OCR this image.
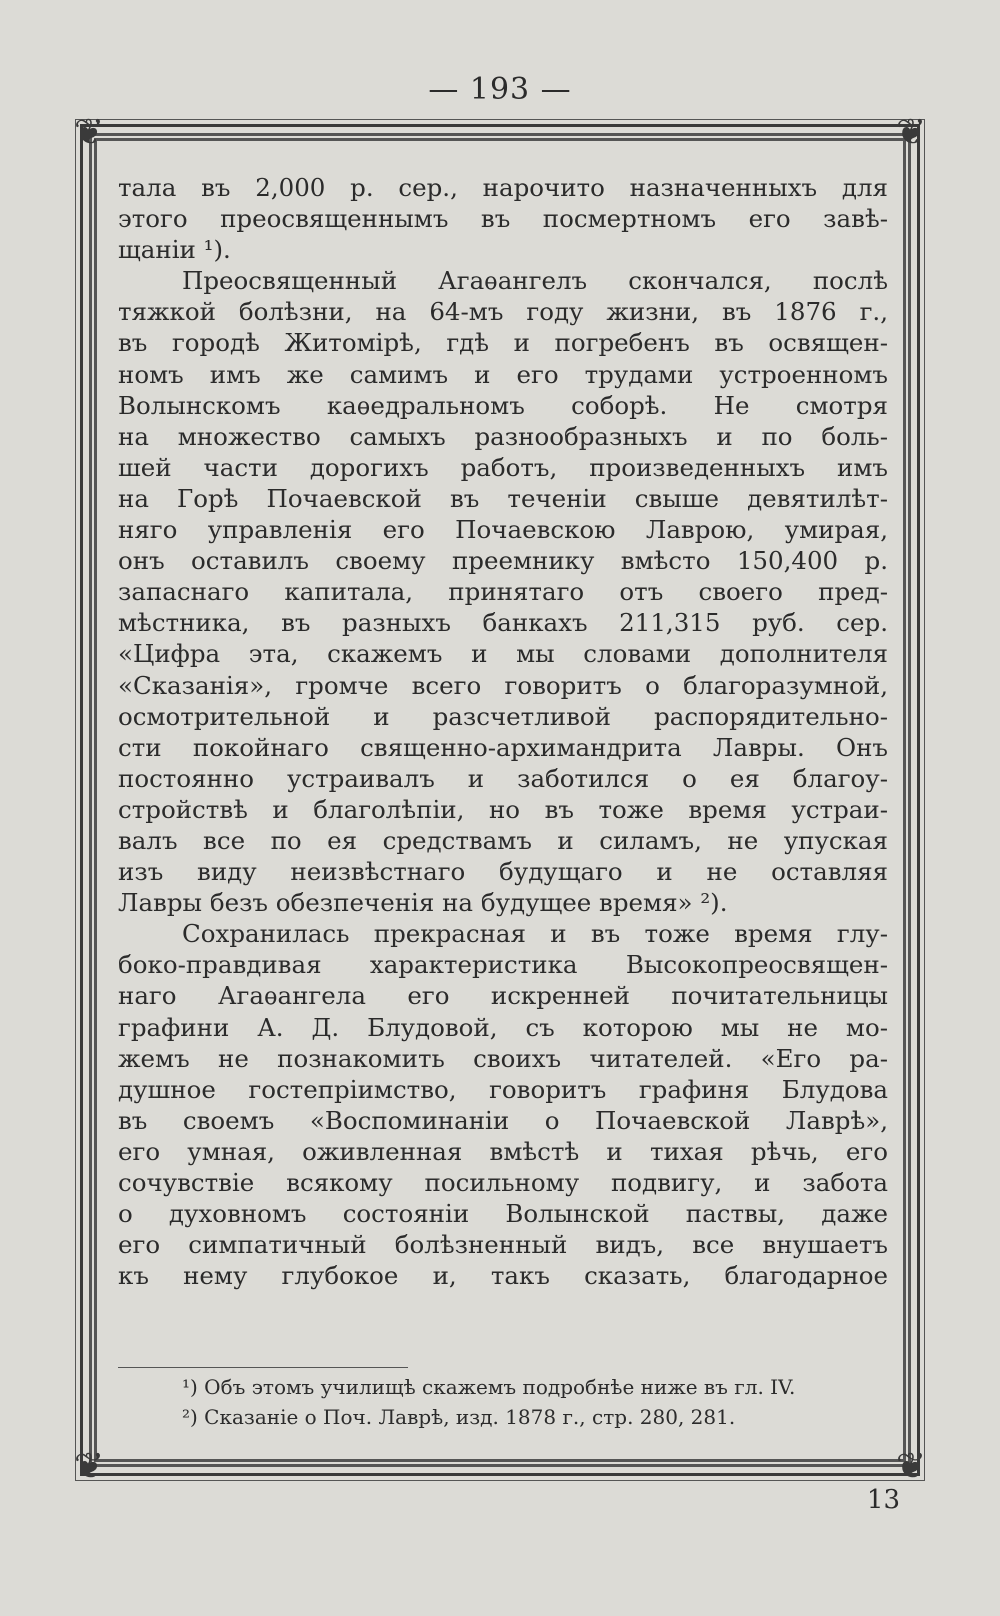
— 193 —
❦	❦
❦	❦
тала въ 2,000 р. сер., нарочито назначенныхъ для
этого преосвященнымъ въ посмертномъ его завѣ-
щаніи ¹).
Преосвященный Агаѳангелъ скончался, послѣ
тяжкой болѣзни, на 64-мъ году жизни, въ 1876 г.,
въ городѣ Житомірѣ, гдѣ и погребенъ въ освящен-
номъ имъ же самимъ и его трудами устроенномъ
Волынскомъ каѳедральномъ соборѣ. Не смотря
на множество самыхъ разнообразныхъ и по боль-
шей части дорогихъ работъ, произведенныхъ имъ
на Горѣ Почаевской въ теченіи свыше девятилѣт-
няго управленія его Почаевскою Лаврою, умирая,
онъ оставилъ своему преемнику вмѣсто 150,400 р.
запаснаго капитала, принятаго отъ своего пред-
мѣстника, въ разныхъ банкахъ 211,315 руб. сер.
«Цифра эта, скажемъ и мы словами дополнителя
«Сказанія», громче всего говоритъ о благоразумной,
осмотрительной и разсчетливой распорядительно-
сти покойнаго священно-архимандрита Лавры. Онъ
постоянно устраивалъ и заботился о ея благоу-
стройствѣ и благолѣпіи, но въ тоже время устраи-
валъ все по ея средствамъ и силамъ, не упуская
изъ виду неизвѣстнаго будущаго и не оставляя
Лавры безъ обезпеченія на будущее время» ²).
Сохранилась прекрасная и въ тоже время глу-
боко-правдивая характеристика Высокопреосвящен-
наго Агаѳангела его искренней почитательницы
графини А. Д. Блудовой, съ которою мы не мо-
жемъ не познакомить своихъ читателей. «Его ра-
душное гостепріимство, говоритъ графиня Блудова
въ своемъ «Воспоминаніи о Почаевской Лаврѣ»,
его умная, оживленная вмѣстѣ и тихая рѣчь, его
сочувствіе всякому посильному подвигу, и забота
о духовномъ состояніи Волынской паствы, даже
его симпатичный болѣзненный видъ, все внушаетъ
къ нему глубокое и, такъ сказать, благодарное
¹) Объ этомъ училищѣ скажемъ подробнѣе ниже въ гл. IV.
²) Сказаніе о Поч. Лаврѣ, изд. 1878 г., стр. 280, 281.
13
